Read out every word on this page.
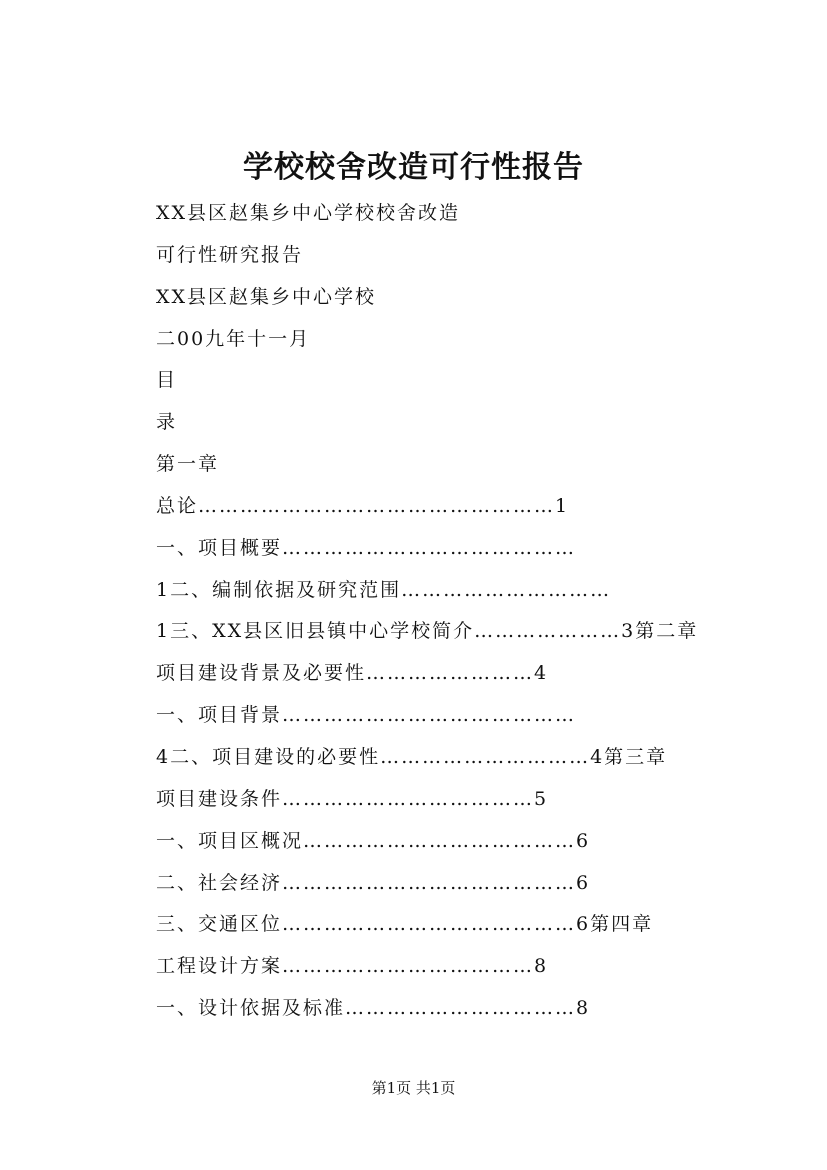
学校校舍改造可行性报告
XX县区赵集乡中心学校校舍改造
可行性研究报告
XX县区赵集乡中心学校
二00九年十一月
目
录
第一章
总论……………………………………………1
一、项目概要……………………………………
1二、编制依据及研究范围…………………………
1三、XX县区旧县镇中心学校简介…………………3第二章
项目建设背景及必要性……………………4
一、项目背景……………………………………
4二、项目建设的必要性…………………………4第三章
项目建设条件………………………………5
一、项目区概况…………………………………6
二、社会经济……………………………………6
三、交通区位……………………………………6第四章
工程设计方案………………………………8
一、设计依据及标准……………………………8
第1页 共1页
